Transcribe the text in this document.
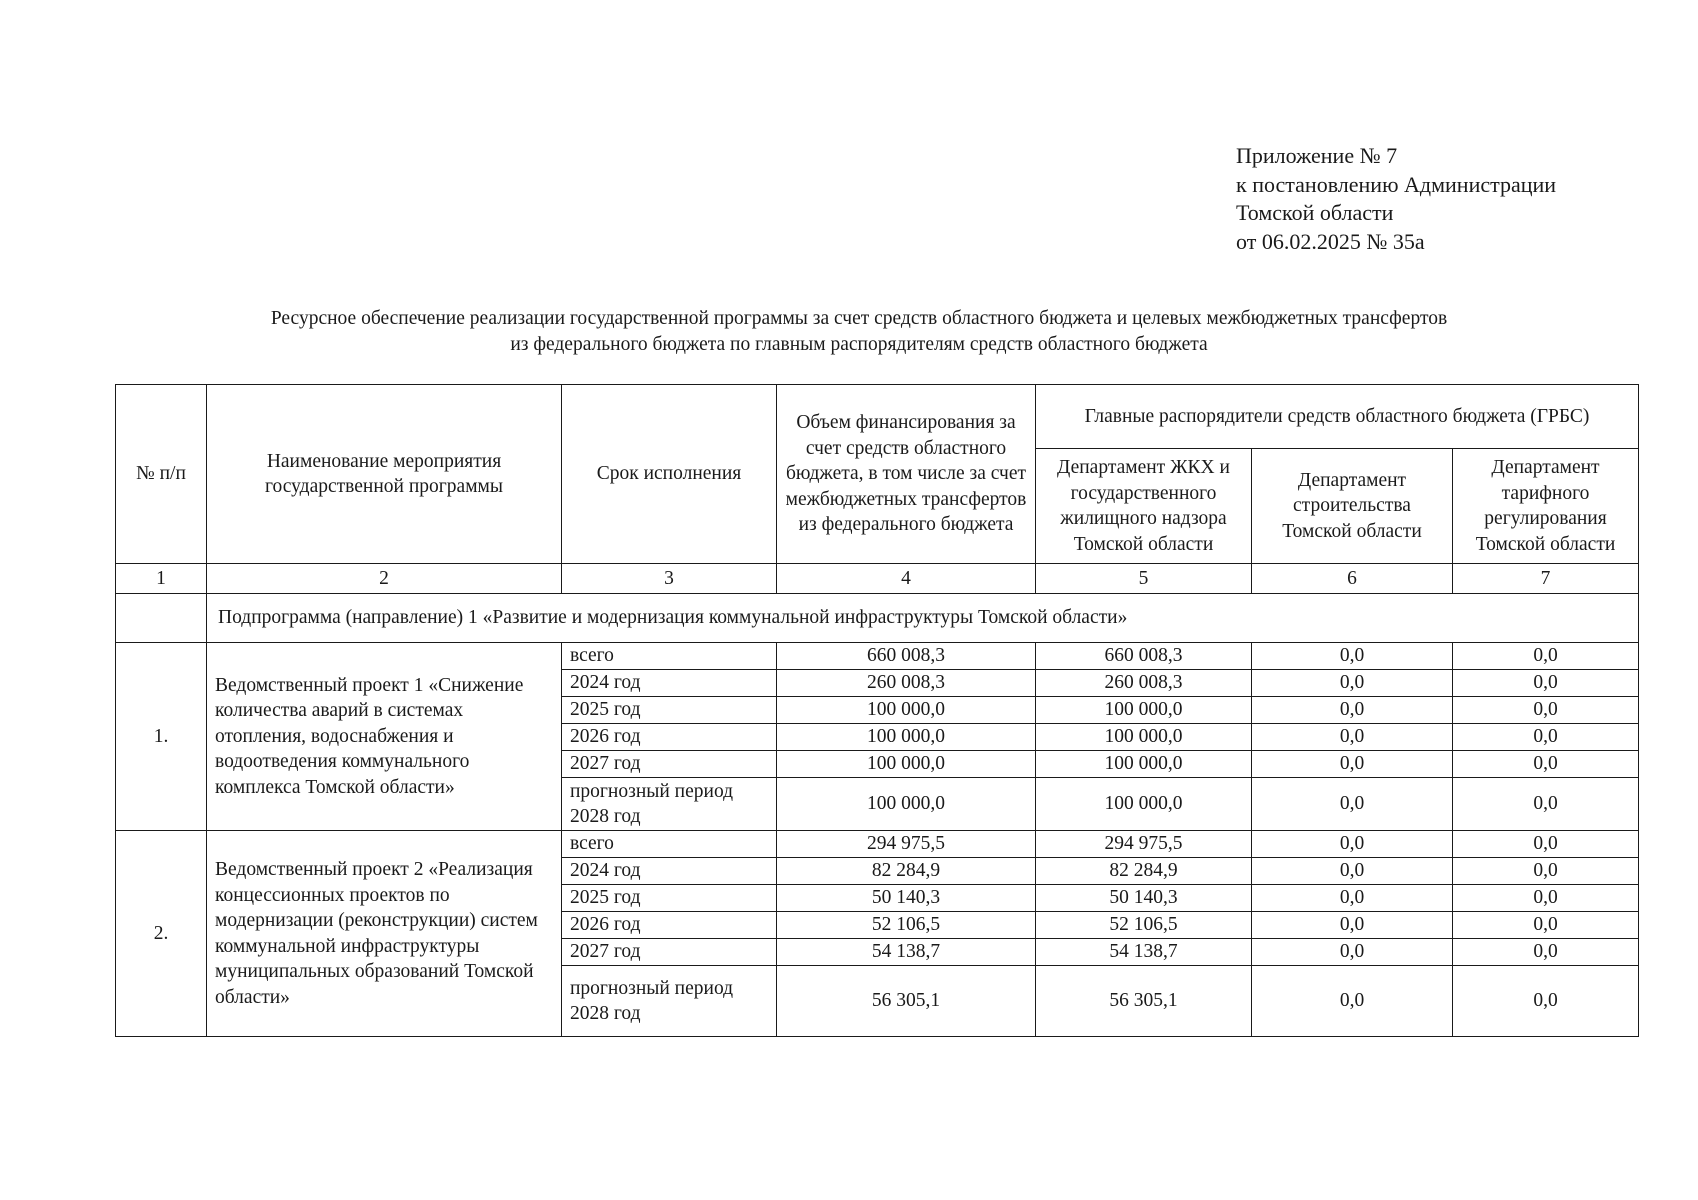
Приложение № 7
к постановлению Администрации
Томской области
от 06.02.2025 № 35а
Ресурсное обеспечение реализации государственной программы за счет средств областного бюджета и целевых межбюджетных трансфертов
из федерального бюджета по главным распорядителям средств областного бюджета
№ п/п	Наименование мероприятия государственной программы	Срок исполнения	Объем финансирования за счет средств областного бюджета, в том числе за счет межбюджетных трансфертов из федерального бюджета	Главные распорядители средств областного бюджета (ГРБС)		
				Департамент ЖКХ и государственного жилищного надзора Томской области	Департамент строительства Томской области	Департамент тарифного регулирования Томской области
1	2	3	4	5	6	7
	Подпрограмма (направление) 1 «Развитие и модернизация коммунальной инфраструктуры Томской области»					
1.	Ведомственный проект 1 «Снижение количества аварий в системах отопления, водоснабжения и водоотведения коммунального комплекса Томской области»	всего	660 008,3	660 008,3	0,0	0,0
		2024 год	260 008,3	260 008,3	0,0	0,0
		2025 год	100 000,0	100 000,0	0,0	0,0
		2026 год	100 000,0	100 000,0	0,0	0,0
		2027 год	100 000,0	100 000,0	0,0	0,0
		прогнозный период 2028 год	100 000,0	100 000,0	0,0	0,0
2.	Ведомственный проект 2 «Реализация концессионных проектов по модернизации (реконструкции) систем коммунальной инфраструктуры муниципальных образований Томской области»	всего	294 975,5	294 975,5	0,0	0,0
		2024 год	82 284,9	82 284,9	0,0	0,0
		2025 год	50 140,3	50 140,3	0,0	0,0
		2026 год	52 106,5	52 106,5	0,0	0,0
		2027 год	54 138,7	54 138,7	0,0	0,0
		прогнозный период 2028 год	56 305,1	56 305,1	0,0	0,0
